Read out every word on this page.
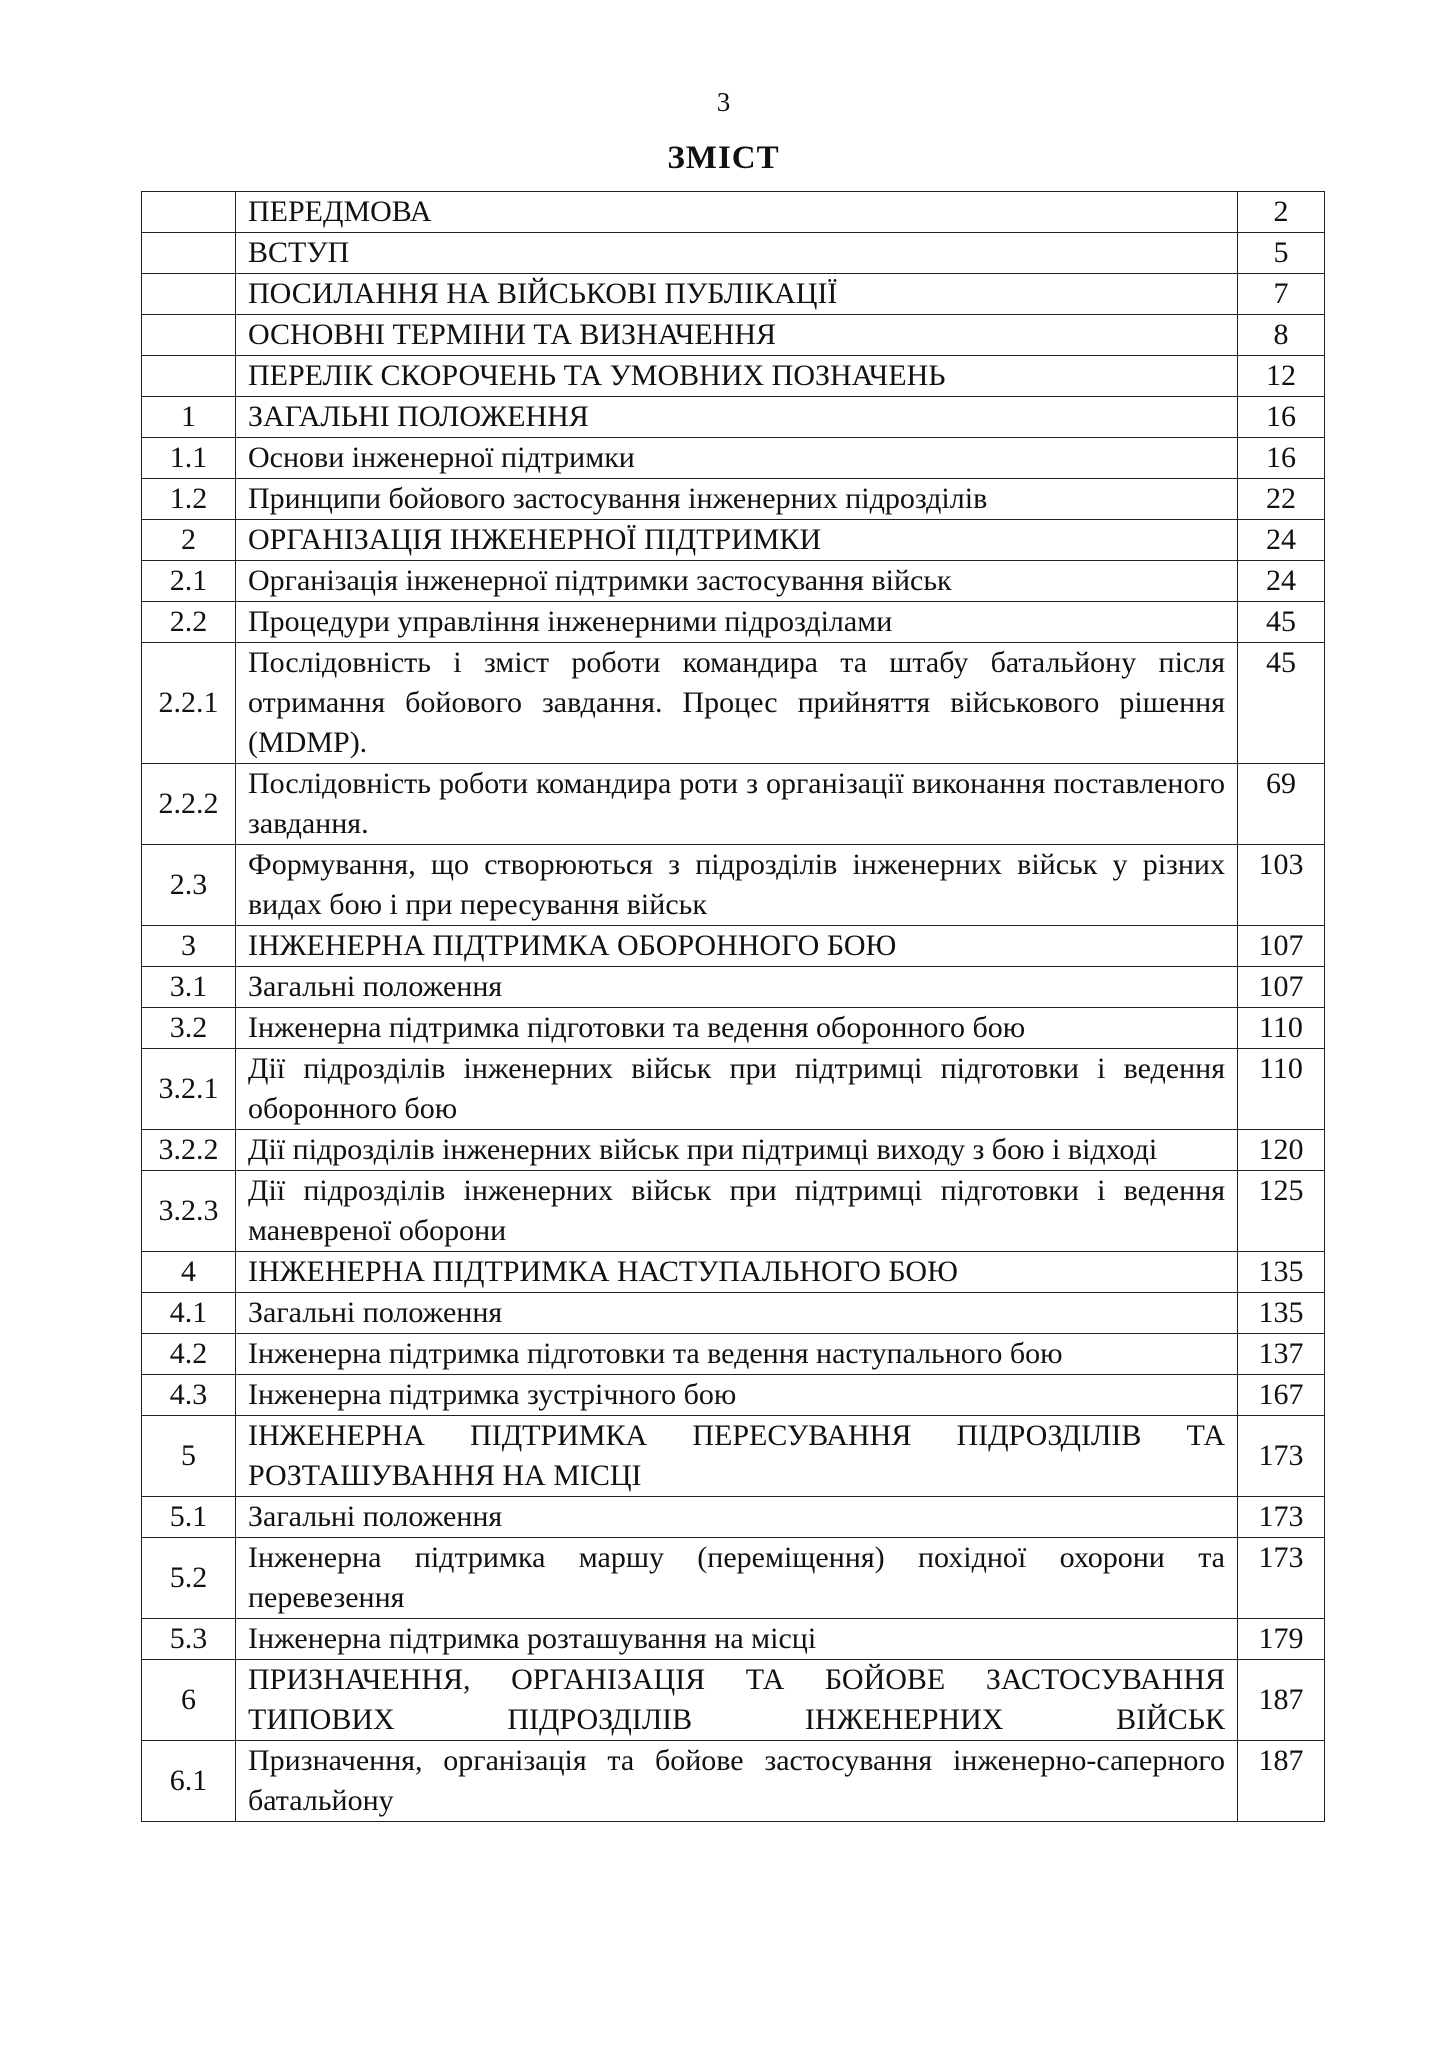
3
ЗМІСТ
	ПЕРЕДМОВА	2
	ВСТУП	5
	ПОСИЛАННЯ НА ВІЙСЬКОВІ ПУБЛІКАЦІЇ	7
	ОСНОВНІ ТЕРМІНИ ТА ВИЗНАЧЕННЯ	8
	ПЕРЕЛІК СКОРОЧЕНЬ ТА УМОВНИХ ПОЗНАЧЕНЬ	12
1	ЗАГАЛЬНІ ПОЛОЖЕННЯ	16
1.1	Основи інженерної підтримки	16
1.2	Принципи бойового застосування інженерних підрозділів	22
2	ОРГАНІЗАЦІЯ ІНЖЕНЕРНОЇ ПІДТРИМКИ	24
2.1	Організація інженерної підтримки застосування військ	24
2.2	Процедури управління інженерними підрозділами	45
2.2.1	Послідовність і зміст роботи командира та штабу батальйону після отримання бойового завдання. Процес прийняття військового рішення (MDMP).	45
2.2.2	Послідовність роботи командира роти з організації виконання поставленого завдання.	69
2.3	Формування, що створюються з підрозділів інженерних військ у різних видах бою і при пересування військ	103
3	ІНЖЕНЕРНА ПІДТРИМКА ОБОРОННОГО БОЮ	107
3.1	Загальні положення	107
3.2	Інженерна підтримка підготовки та ведення оборонного бою	110
3.2.1	Дії підрозділів інженерних військ при підтримці підготовки і ведення оборонного бою	110
3.2.2	Дії підрозділів інженерних військ при підтримці виходу з бою і відході	120
3.2.3	Дії підрозділів інженерних військ при підтримці підготовки і ведення маневреної оборони	125
4	ІНЖЕНЕРНА ПІДТРИМКА НАСТУПАЛЬНОГО БОЮ	135
4.1	Загальні положення	135
4.2	Інженерна підтримка підготовки та ведення наступального бою	137
4.3	Інженерна підтримка зустрічного бою	167
5	ІНЖЕНЕРНА ПІДТРИМКА ПЕРЕСУВАННЯ ПІДРОЗДІЛІВ ТА РОЗТАШУВАННЯ НА МІСЦІ	173
5.1	Загальні положення	173
5.2	Інженерна підтримка маршу (переміщення) похідної охорони та перевезення	173
5.3	Інженерна підтримка розташування на місці	179
6	ПРИЗНАЧЕННЯ, ОРГАНІЗАЦІЯ ТА БОЙОВЕ ЗАСТОСУВАННЯ ТИПОВИХ ПІДРОЗДІЛІВ ІНЖЕНЕРНИХ ВІЙСЬК	187
6.1	Призначення, організація та бойове застосування інженерно-саперного батальйону	187
